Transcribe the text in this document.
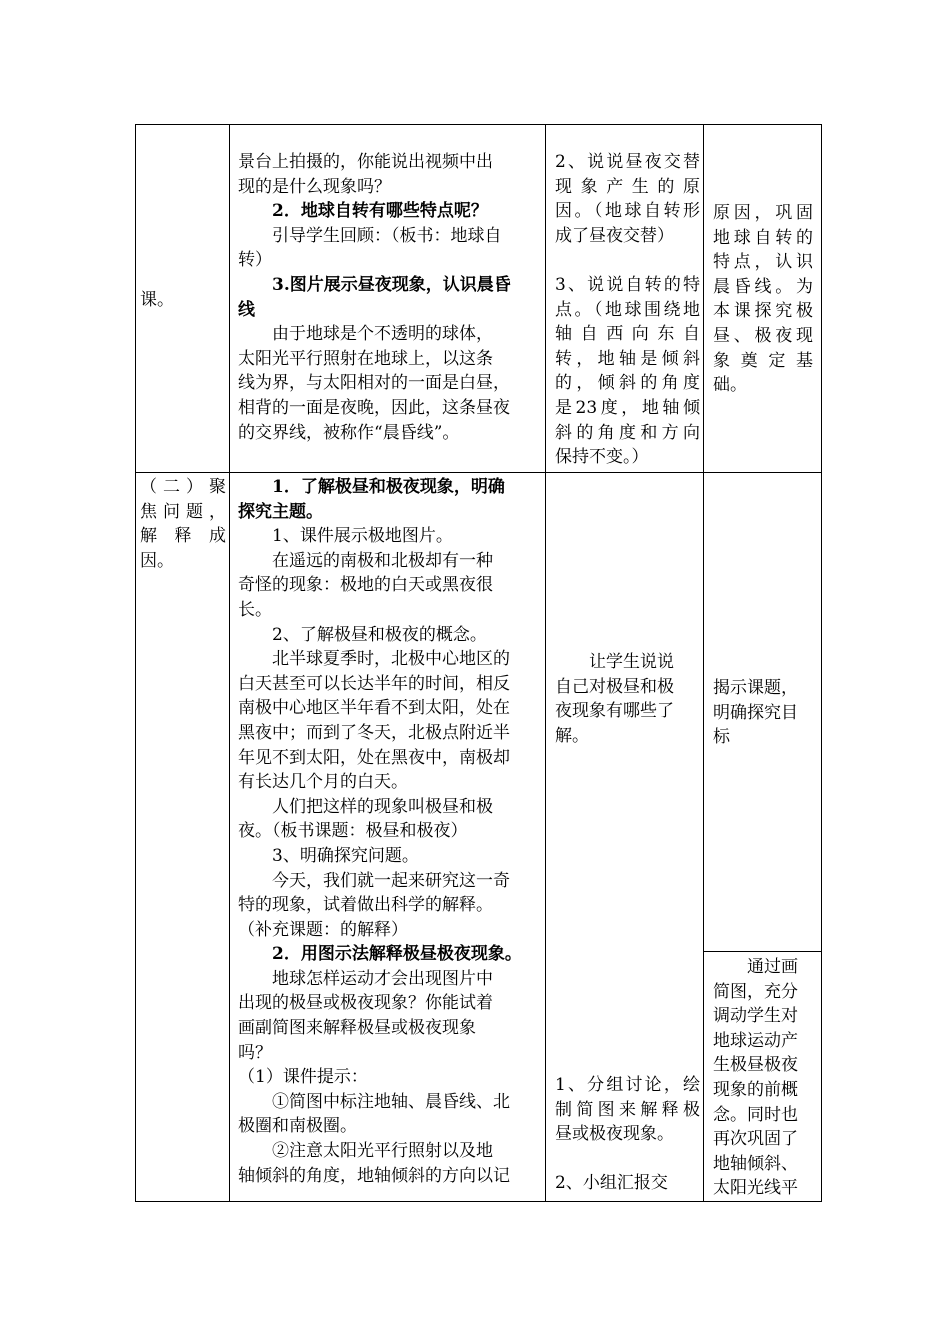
课。
景台上拍摄的，你能说出视频中出
现的是什么现象吗？
　　2．地球自转有哪些特点呢？
　　引导学生回顾：（板书：地球自
转）
　　3.图片展示昼夜现象，认识晨昏
线
　　由于地球是个不透明的球体，
太阳光平行照射在地球上，以这条
线为界，与太阳相对的一面是白昼，
相背的一面是夜晚，因此，这条昼夜
的交界线，被称作“晨昏线”。
2、说说昼夜交替
现象产生的原
因。（地球自转形
成了昼夜交替）

3、说说自转的特
点。（地球围绕地
轴自西向东自
转，地轴是倾斜
的，倾斜的角度
是23度，地轴倾
斜的角度和方向
保持不变。）
原因，巩固
地球自转的
特点，认识
晨昏线。为
本课探究极
昼、极夜现
象奠定基
础。
（二）聚
焦问题，
解释成
因。
　　1．了解极昼和极夜现象，明确
探究主题。
　　1、课件展示极地图片。
　　在遥远的南极和北极却有一种
奇怪的现象：极地的白天或黑夜很
长。
　　2、了解极昼和极夜的概念。
　　北半球夏季时，北极中心地区的
白天甚至可以长达半年的时间，相反
南极中心地区半年看不到太阳，处在
黑夜中；而到了冬天，北极点附近半
年见不到太阳，处在黑夜中，南极却
有长达几个月的白天。
　　人们把这样的现象叫极昼和极
夜。（板书课题：极昼和极夜）
　　3、明确探究问题。
　　今天，我们就一起来研究这一奇
特的现象，试着做出科学的解释。
（补充课题：的解释）
　　2．用图示法解释极昼极夜现象。
　　地球怎样运动才会出现图片中
出现的极昼或极夜现象？你能试着
画副简图来解释极昼或极夜现象
吗？
（1）课件提示：
　　①简图中标注地轴、晨昏线、北
极圈和南极圈。
　　②注意太阳光平行照射以及地
轴倾斜的角度，地轴倾斜的方向以记
　　让学生说说
自己对极昼和极
夜现象有哪些了
解。
1、分组讨论，绘
制简图来解释极
昼或极夜现象。

2、小组汇报交
揭示课题，
明确探究目
标
　　通过画
简图，充分
调动学生对
地球运动产
生极昼极夜
现象的前概
念。同时也
再次巩固了
地轴倾斜、
太阳光线平
